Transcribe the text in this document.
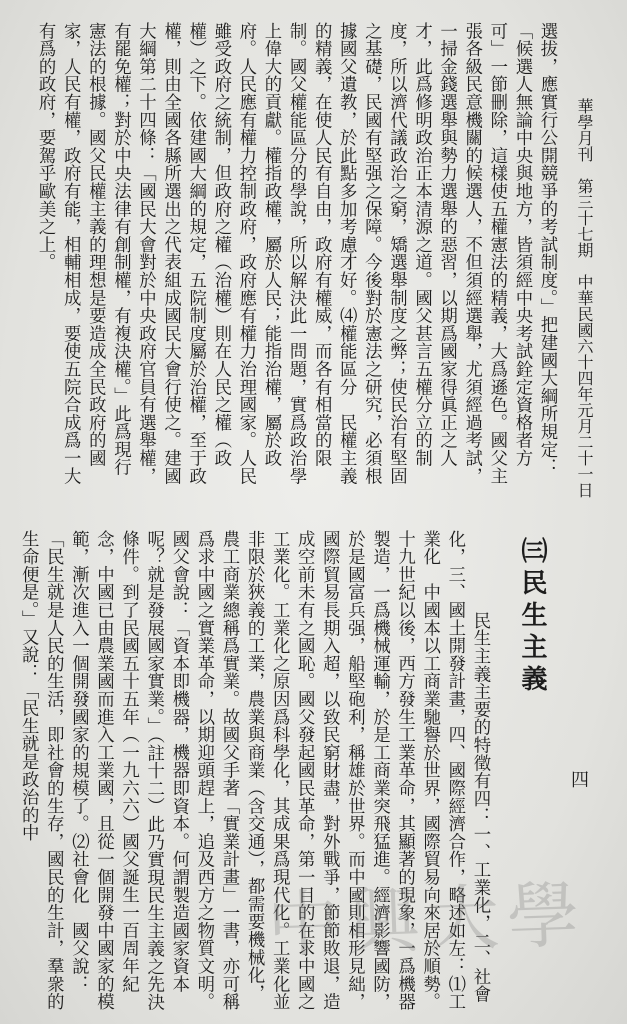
華學月刊　第三十七期　中華民國六十四年元月二十一日

四
選拔，應實行公開競爭的考試制度。」把建國大綱所規定：「候選人無論中央與地方，皆須經中央考試銓定資格者方可」一節刪除，這樣使五權憲法的精義，大爲遜色。國父主張各級民意機關的候選人，不但須經選舉，尤須經過考試，一掃金錢選舉與勢力選舉的惡習，以期爲國家得眞正之人才，此爲修明政治正本清源之道。國父甚言五權分立的制度，所以濟代議政治之窮，矯選舉制度之弊；使民治有堅固之基礎，民國有堅强之保障。今後對於憲法之研究，必須根據國父遺教，於此點多加考慮才好。⑷權能區分　民權主義的精義，在使人民有自由，政府有權威，而各有相當的限制。國父權能區分的學說，所以解決此一問題，實爲政治學上偉大的貢獻。權指政權，屬於人民；能指治權，屬於政府。人民應有權力控制政府，政府應有權力治理國家。人民雖受政府之統制，但政府之權（治權）則在人民之權（政權）之下。依建國大綱的規定，五院制度屬於治權，至于政權，則由全國各縣所選出之代表組成國民大會行使之。建國大綱第二十四條：「國民大會對於中央政府官員有選舉權，有罷免權；對於中央法律有創制權，有複決權。」此爲現行憲法的根據。國父民權主義的理想是要造成全民政府的國家，人民有權，政府有能，相輔相成，要使五院合成爲一大有爲的政府，要駕乎歐美之上。
㈢民生主義

民生主義主要的特徵有四：一、工業化，二、社會化，三、國土開發計畫，四、國際經濟合作，略述如左：⑴工業化　中國本以工商業馳譽於世界，國際貿易向來居於順勢。十九世紀以後，西方發生工業革命，其顯著的現象，一爲機器製造，一爲機械運輸，於是工商業突飛猛進。經濟影響國防，於是國富兵强，船堅砲利，稱雄於世界。而中國則相形見絀，國際貿易長期入超，以致民窮財盡，對外戰爭，節節敗退，造成空前未有之國恥。國父發起國民革命，第一目的在求中國之工業化。工業化之原因爲科學化，其成果爲現代化。工業化並非限於狹義的工業，農業與商業（含交通），都需要機械化，農工商業總稱爲實業。故國父手著「實業計畫」一書，亦可稱爲求中國之實業革命，以期迎頭趕上，追及西方之物質文明。國父會說：「資本即機器，機器即資本。何謂製造國家資本呢？就是發展國家實業。」（註十二）此乃實現民生主義之先決條件。到了民國五十五年（一九六六）國父誕生一百周年紀念，中國已由農業國而進入工業國，且從一個開發中國家的模範，漸次進入一個開發國家的規模了。⑵社會化　國父說：「民生就是人民的生活，即社會的生存，國民的生計，羣衆的生命便是。」又說：「民生就是政治的中

中興大學
